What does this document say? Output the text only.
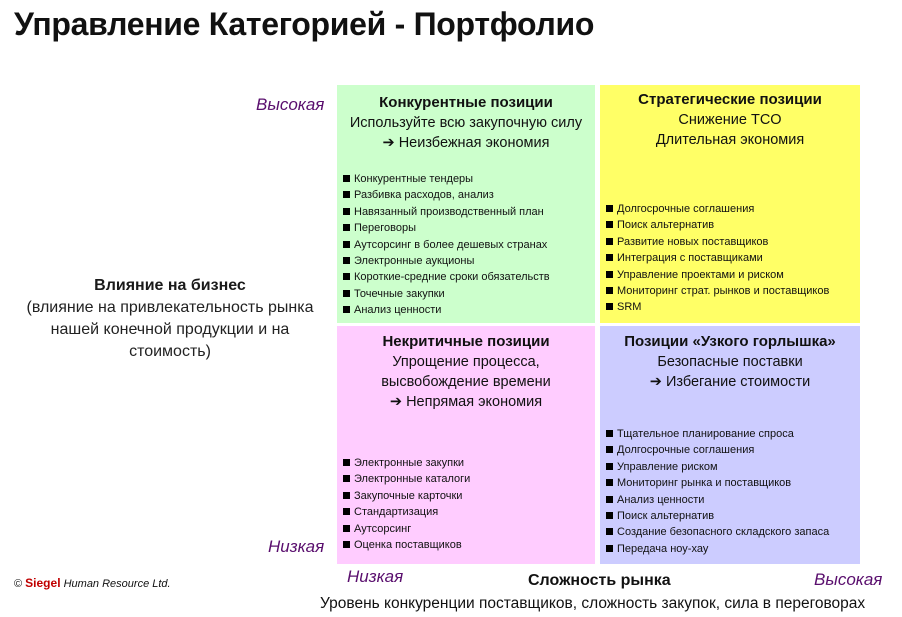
Управление Категорией - Портфолио
Высокая
Низкая
Влияние на бизнес
(влияние на привлекательность рынка нашей конечной продукции и на стоимость)
© Siegel Human Resource Ltd.
Конкурентные позиции
Используйте всю закупочную силу
➔ Неизбежная экономия
Конкурентные тендеры
Разбивка расходов, анализ
Навязанный производственный план
Переговоры
Аутсорсинг в более дешевых странах
Электронные аукционы
Короткие-средние сроки обязательств
Точечные закупки
Анализ ценности
Стратегические позиции
Снижение TCO
Длительная экономия
Долгосрочные соглашения
Поиск альтернатив
Развитие новых поставщиков
Интеграция с поставщиками
Управление проектами и риском
Мониторинг страт. рынков и поставщиков
SRM
Некритичные позиции
Упрощение процесса,
высвобождение времени
➔ Непрямая экономия
Электронные закупки
Электронные каталоги
Закупочные карточки
Стандартизация
Аутсорсинг
Оценка поставщиков
Позиции «Узкого горлышка»
Безопасные поставки
➔ Избегание стоимости
Тщательное планирование спроса
Долгосрочные соглашения
Управление риском
Мониторинг рынка и поставщиков
Анализ ценности
Поиск альтернатив
Создание безопасного складского запаса
Передача ноу-хау
Низкая	Сложность рынка	Высокая
Уровень конкуренции поставщиков, сложность закупок, сила в переговорах
